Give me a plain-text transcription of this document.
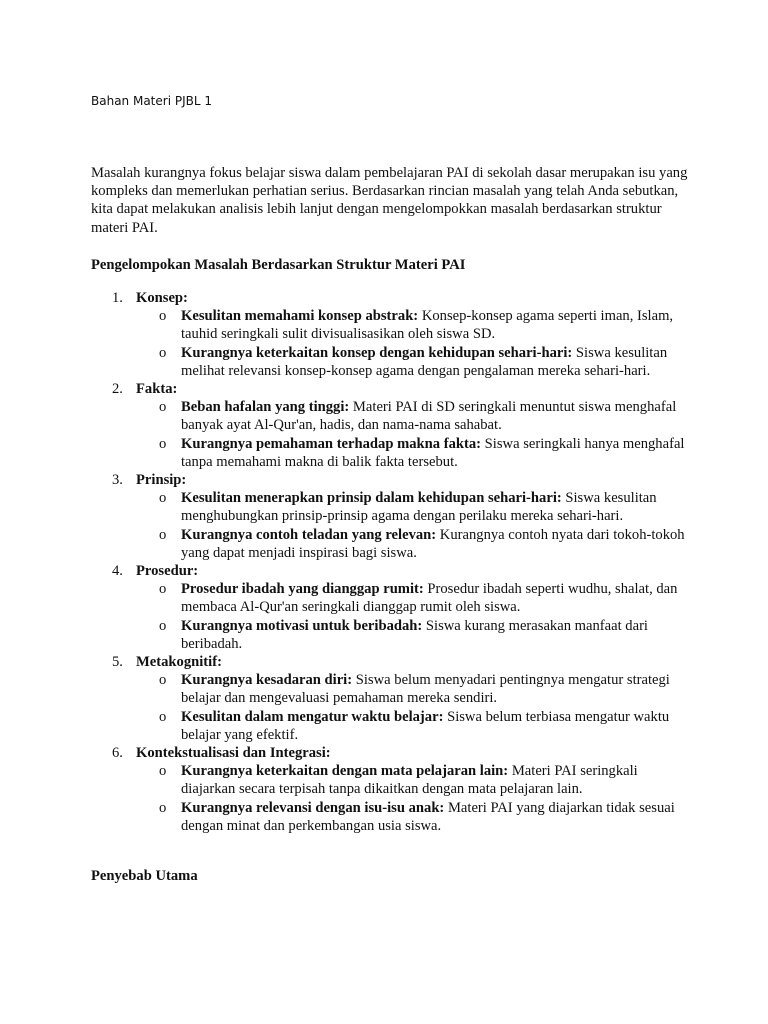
Bahan Materi PJBL 1

Masalah kurangnya fokus belajar siswa dalam pembelajaran PAI di sekolah dasar merupakan isu yang kompleks dan memerlukan perhatian serius. Berdasarkan rincian masalah yang telah Anda sebutkan, kita dapat melakukan analisis lebih lanjut dengan mengelompokkan masalah berdasarkan struktur materi PAI.

Pengelompokan Masalah Berdasarkan Struktur Materi PAI
1. Konsep:
o Kesulitan memahami konsep abstrak: Konsep-konsep agama seperti iman, Islam, tauhid seringkali sulit divisualisasikan oleh siswa SD.
o Kurangnya keterkaitan konsep dengan kehidupan sehari-hari: Siswa kesulitan melihat relevansi konsep-konsep agama dengan pengalaman mereka sehari-hari.
2. Fakta:
o Beban hafalan yang tinggi: Materi PAI di SD seringkali menuntut siswa menghafal banyak ayat Al-Qur'an, hadis, dan nama-nama sahabat.
o Kurangnya pemahaman terhadap makna fakta: Siswa seringkali hanya menghafal tanpa memahami makna di balik fakta tersebut.
3. Prinsip:
o Kesulitan menerapkan prinsip dalam kehidupan sehari-hari: Siswa kesulitan menghubungkan prinsip-prinsip agama dengan perilaku mereka sehari-hari.
o Kurangnya contoh teladan yang relevan: Kurangnya contoh nyata dari tokoh-tokoh yang dapat menjadi inspirasi bagi siswa.
4. Prosedur:
o Prosedur ibadah yang dianggap rumit: Prosedur ibadah seperti wudhu, shalat, dan membaca Al-Qur'an seringkali dianggap rumit oleh siswa.
o Kurangnya motivasi untuk beribadah: Siswa kurang merasakan manfaat dari beribadah.
5. Metakognitif:
o Kurangnya kesadaran diri: Siswa belum menyadari pentingnya mengatur strategi belajar dan mengevaluasi pemahaman mereka sendiri.
o Kesulitan dalam mengatur waktu belajar: Siswa belum terbiasa mengatur waktu belajar yang efektif.
6. Kontekstualisasi dan Integrasi:
o Kurangnya keterkaitan dengan mata pelajaran lain: Materi PAI seringkali diajarkan secara terpisah tanpa dikaitkan dengan mata pelajaran lain.
o Kurangnya relevansi dengan isu-isu anak: Materi PAI yang diajarkan tidak sesuai dengan minat dan perkembangan usia siswa.
Penyebab Utama
